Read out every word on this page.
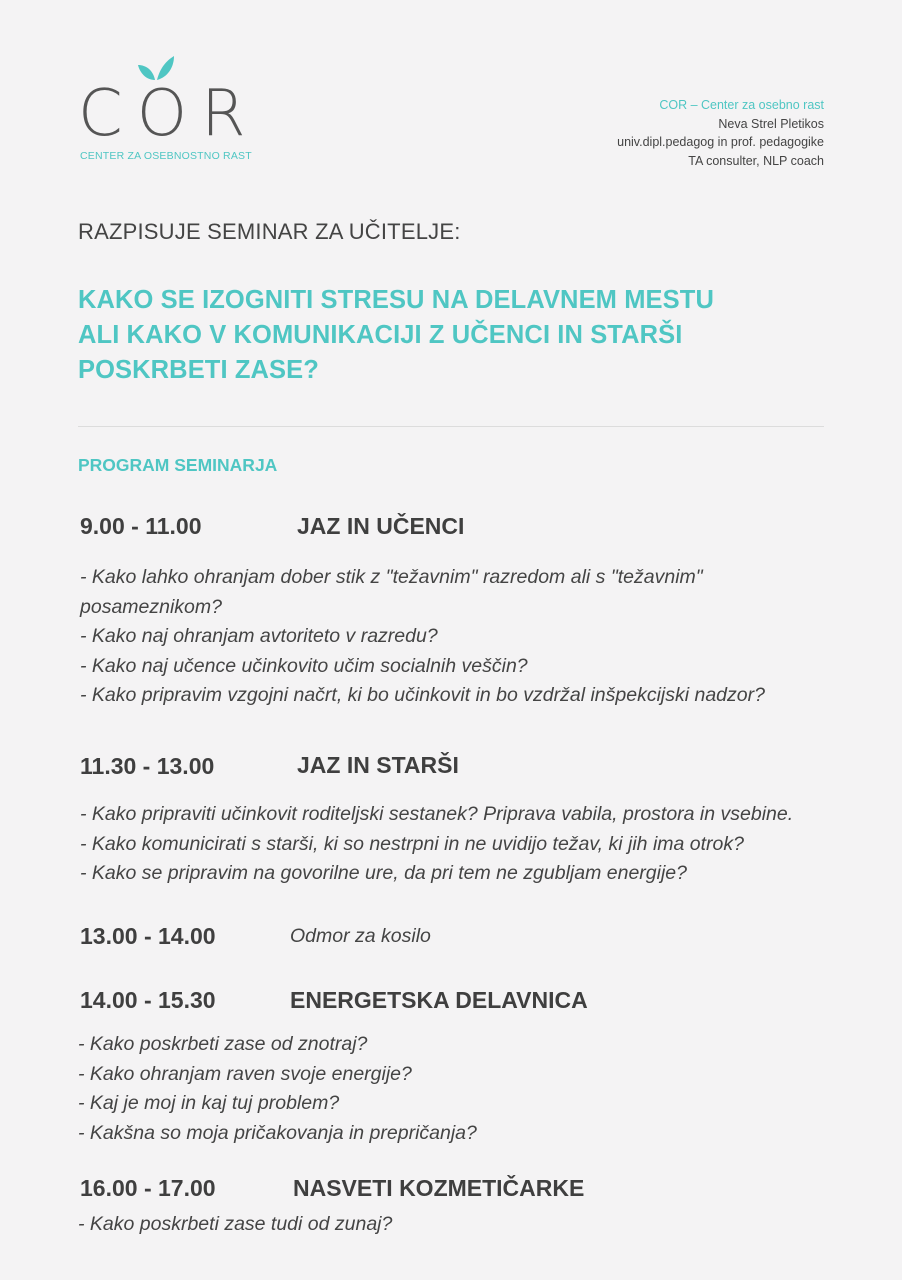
COR
CENTER ZA OSEBNOSTNO RAST
COR – Center za osebno rast
Neva Strel Pletikos
univ.dipl.pedagog in prof. pedagogike
TA consulter, NLP coach
RAZPISUJE SEMINAR ZA UČITELJE:
KAKO SE IZOGNITI STRESU NA DELAVNEM MESTU
ALI KAKO V KOMUNIKACIJI Z UČENCI IN STARŠI
POSKRBETI ZASE?
PROGRAM SEMINARJA
9.00 - 11.00	JAZ IN UČENCI
- Kako lahko ohranjam dober stik z "težavnim" razredom ali s "težavnim"
posameznikom?
- Kako naj ohranjam avtoriteto v razredu?
- Kako naj učence učinkovito učim socialnih veščin?
- Kako pripravim vzgojni načrt, ki bo učinkovit in bo vzdržal inšpekcijski nadzor?
11.30 - 13.00	JAZ IN STARŠI
- Kako pripraviti učinkovit roditeljski sestanek? Priprava vabila, prostora in vsebine.
- Kako komunicirati s starši, ki so nestrpni in ne uvidijo težav, ki jih ima otrok?
- Kako se pripravim na govorilne ure, da pri tem ne zgubljam energije?
13.00 - 14.00	Odmor za kosilo
14.00 - 15.30	ENERGETSKA DELAVNICA
- Kako poskrbeti zase od znotraj?
- Kako ohranjam raven svoje energije?
- Kaj je moj in kaj tuj problem?
- Kakšna so moja pričakovanja in prepričanja?
16.00 - 17.00	NASVETI KOZMETIČARKE
- Kako poskrbeti zase tudi od zunaj?
